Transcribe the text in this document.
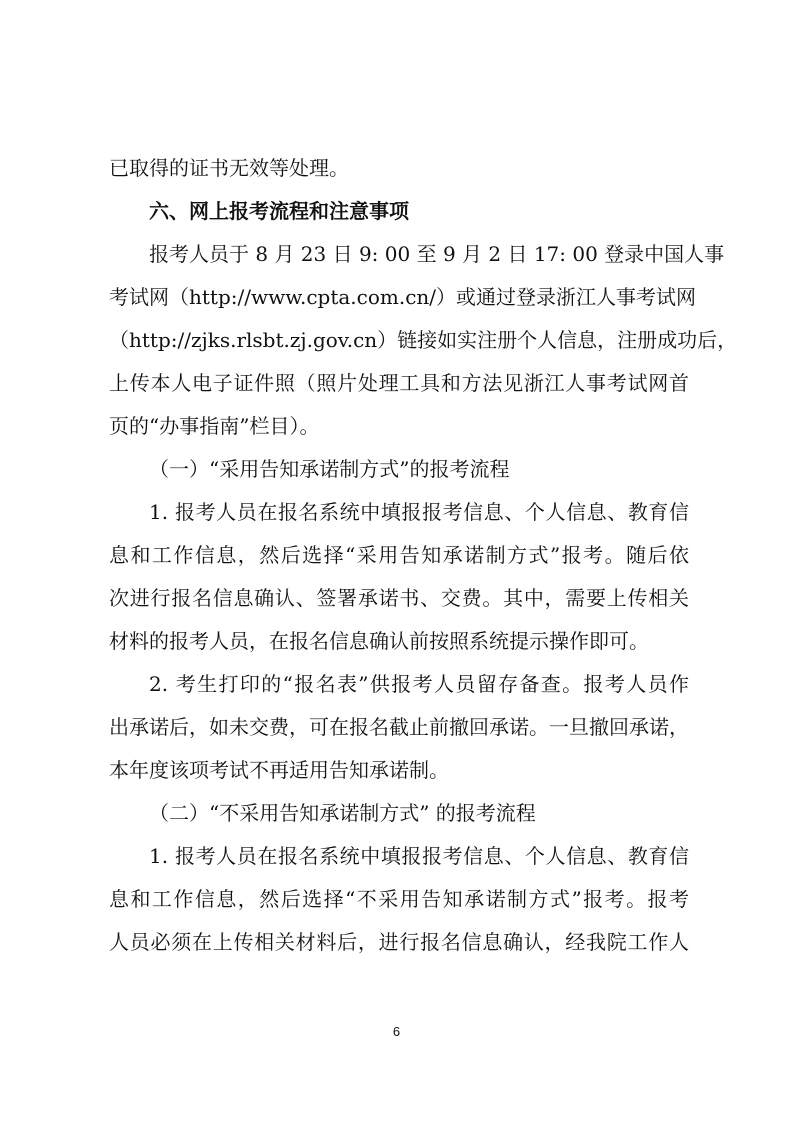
已取得的证书无效等处理。
六、网上报考流程和注意事项
报考人员于 8 月 23 日 9: 00 至 9 月 2 日 17: 00 登录中国人事
考试网（http://www.cpta.com.cn/）或通过登录浙江人事考试网
（http://zjks.rlsbt.zj.gov.cn）链接如实注册个人信息，注册成功后，
上传本人电子证件照（照片处理工具和方法见浙江人事考试网首
页的“办事指南”栏目）。
（一）“采用告知承诺制方式”的报考流程
1. 报考人员在报名系统中填报报考信息、个人信息、教育信
息和工作信息，然后选择“采用告知承诺制方式”报考。随后依
次进行报名信息确认、签署承诺书、交费。其中，需要上传相关
材料的报考人员，在报名信息确认前按照系统提示操作即可。
2. 考生打印的“报名表”供报考人员留存备查。报考人员作
出承诺后，如未交费，可在报名截止前撤回承诺。一旦撤回承诺，
本年度该项考试不再适用告知承诺制。
（二）“不采用告知承诺制方式” 的报考流程
1. 报考人员在报名系统中填报报考信息、个人信息、教育信
息和工作信息，然后选择“不采用告知承诺制方式”报考。报考
人员必须在上传相关材料后，进行报名信息确认，经我院工作人
6
